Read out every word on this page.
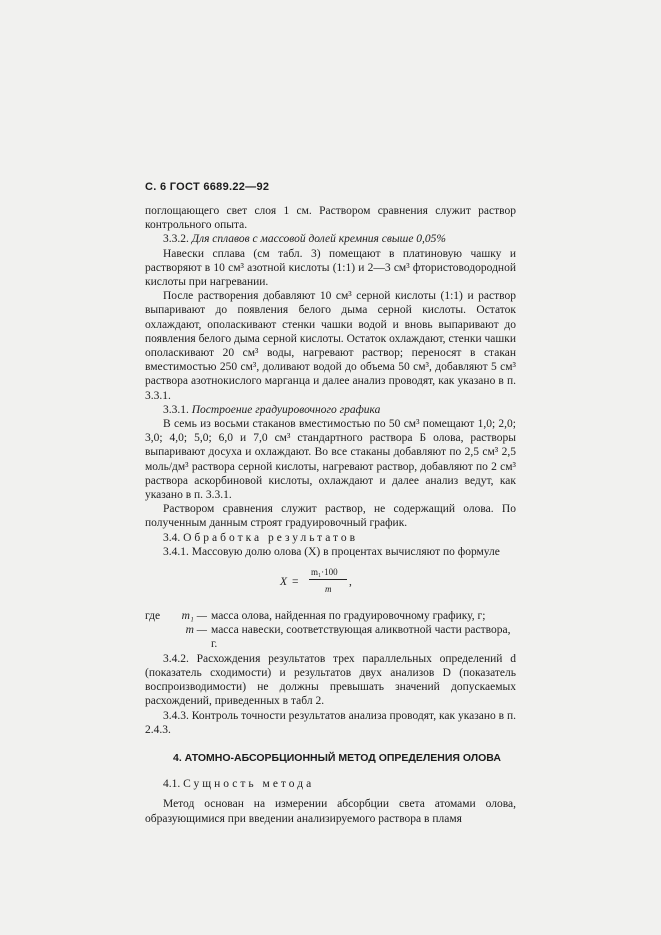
С. 6 ГОСТ 6689.22—92

поглощающего свет слоя 1 см. Раствором сравнения служит раствор контрольного опыта.

3.3.2. Для сплавов с массовой долей кремния свыше 0,05%

Навески сплава (см табл. 3) помещают в платиновую чашку и растворяют в 10 см³ азотной кислоты (1:1) и 2—3 см³ фтористоводородной кислоты при нагревании.

После растворения добавляют 10 см³ серной кислоты (1:1) и раствор выпаривают до появления белого дыма серной кислоты. Остаток охлаждают, ополаскивают стенки чашки водой и вновь выпаривают до появления белого дыма серной кислоты. Остаток охлаждают, стенки чашки ополаскивают 20 см³ воды, нагревают раствор; переносят в стакан вместимостью 250 см³, доливают водой до объема 50 см³, добавляют 5 см³ раствора азотнокислого марганца и далее анализ проводят, как указано в п. 3.3.1.

3.3.1. Построение градуировочного графика

В семь из восьми стаканов вместимостью по 50 см³ помещают 1,0; 2,0; 3,0; 4,0; 5,0; 6,0 и 7,0 см³ стандартного раствора Б олова, растворы выпаривают досуха и охлаждают. Во все стаканы добавляют по 2,5 см³ 2,5 моль/дм³ раствора серной кислоты, нагревают раствор, добавляют по 2 см³ раствора аскорбиновой кислоты, охлаждают и далее анализ ведут, как указано в п. 3.3.1.

Раствором сравнения служит раствор, не содержащий олова. По полученным данным строят градуировочный график.

3.4. Обработка результатов

3.4.1. Массовую долю олова (X) в процентах вычисляют по формуле

X =
m₁·100
m
,
где	m₁ — масса олова, найденная по градуировочному графику, г;
m — масса навески, соответствующая аликвотной части раствора, г.

3.4.2. Расхождения результатов трех параллельных определений d (показатель сходимости) и результатов двух анализов D (показатель воспроизводимости) не должны превышать значений допускаемых расхождений, приведенных в табл 2.

3.4.3. Контроль точности результатов анализа проводят, как указано в п. 2.4.3.

4. АТОМНО-АБСОРБЦИОННЫЙ МЕТОД ОПРЕДЕЛЕНИЯ ОЛОВА

4.1. Сущность метода

Метод основан на измерении абсорбции света атомами олова, образующимися при введении анализируемого раствора в пламя
